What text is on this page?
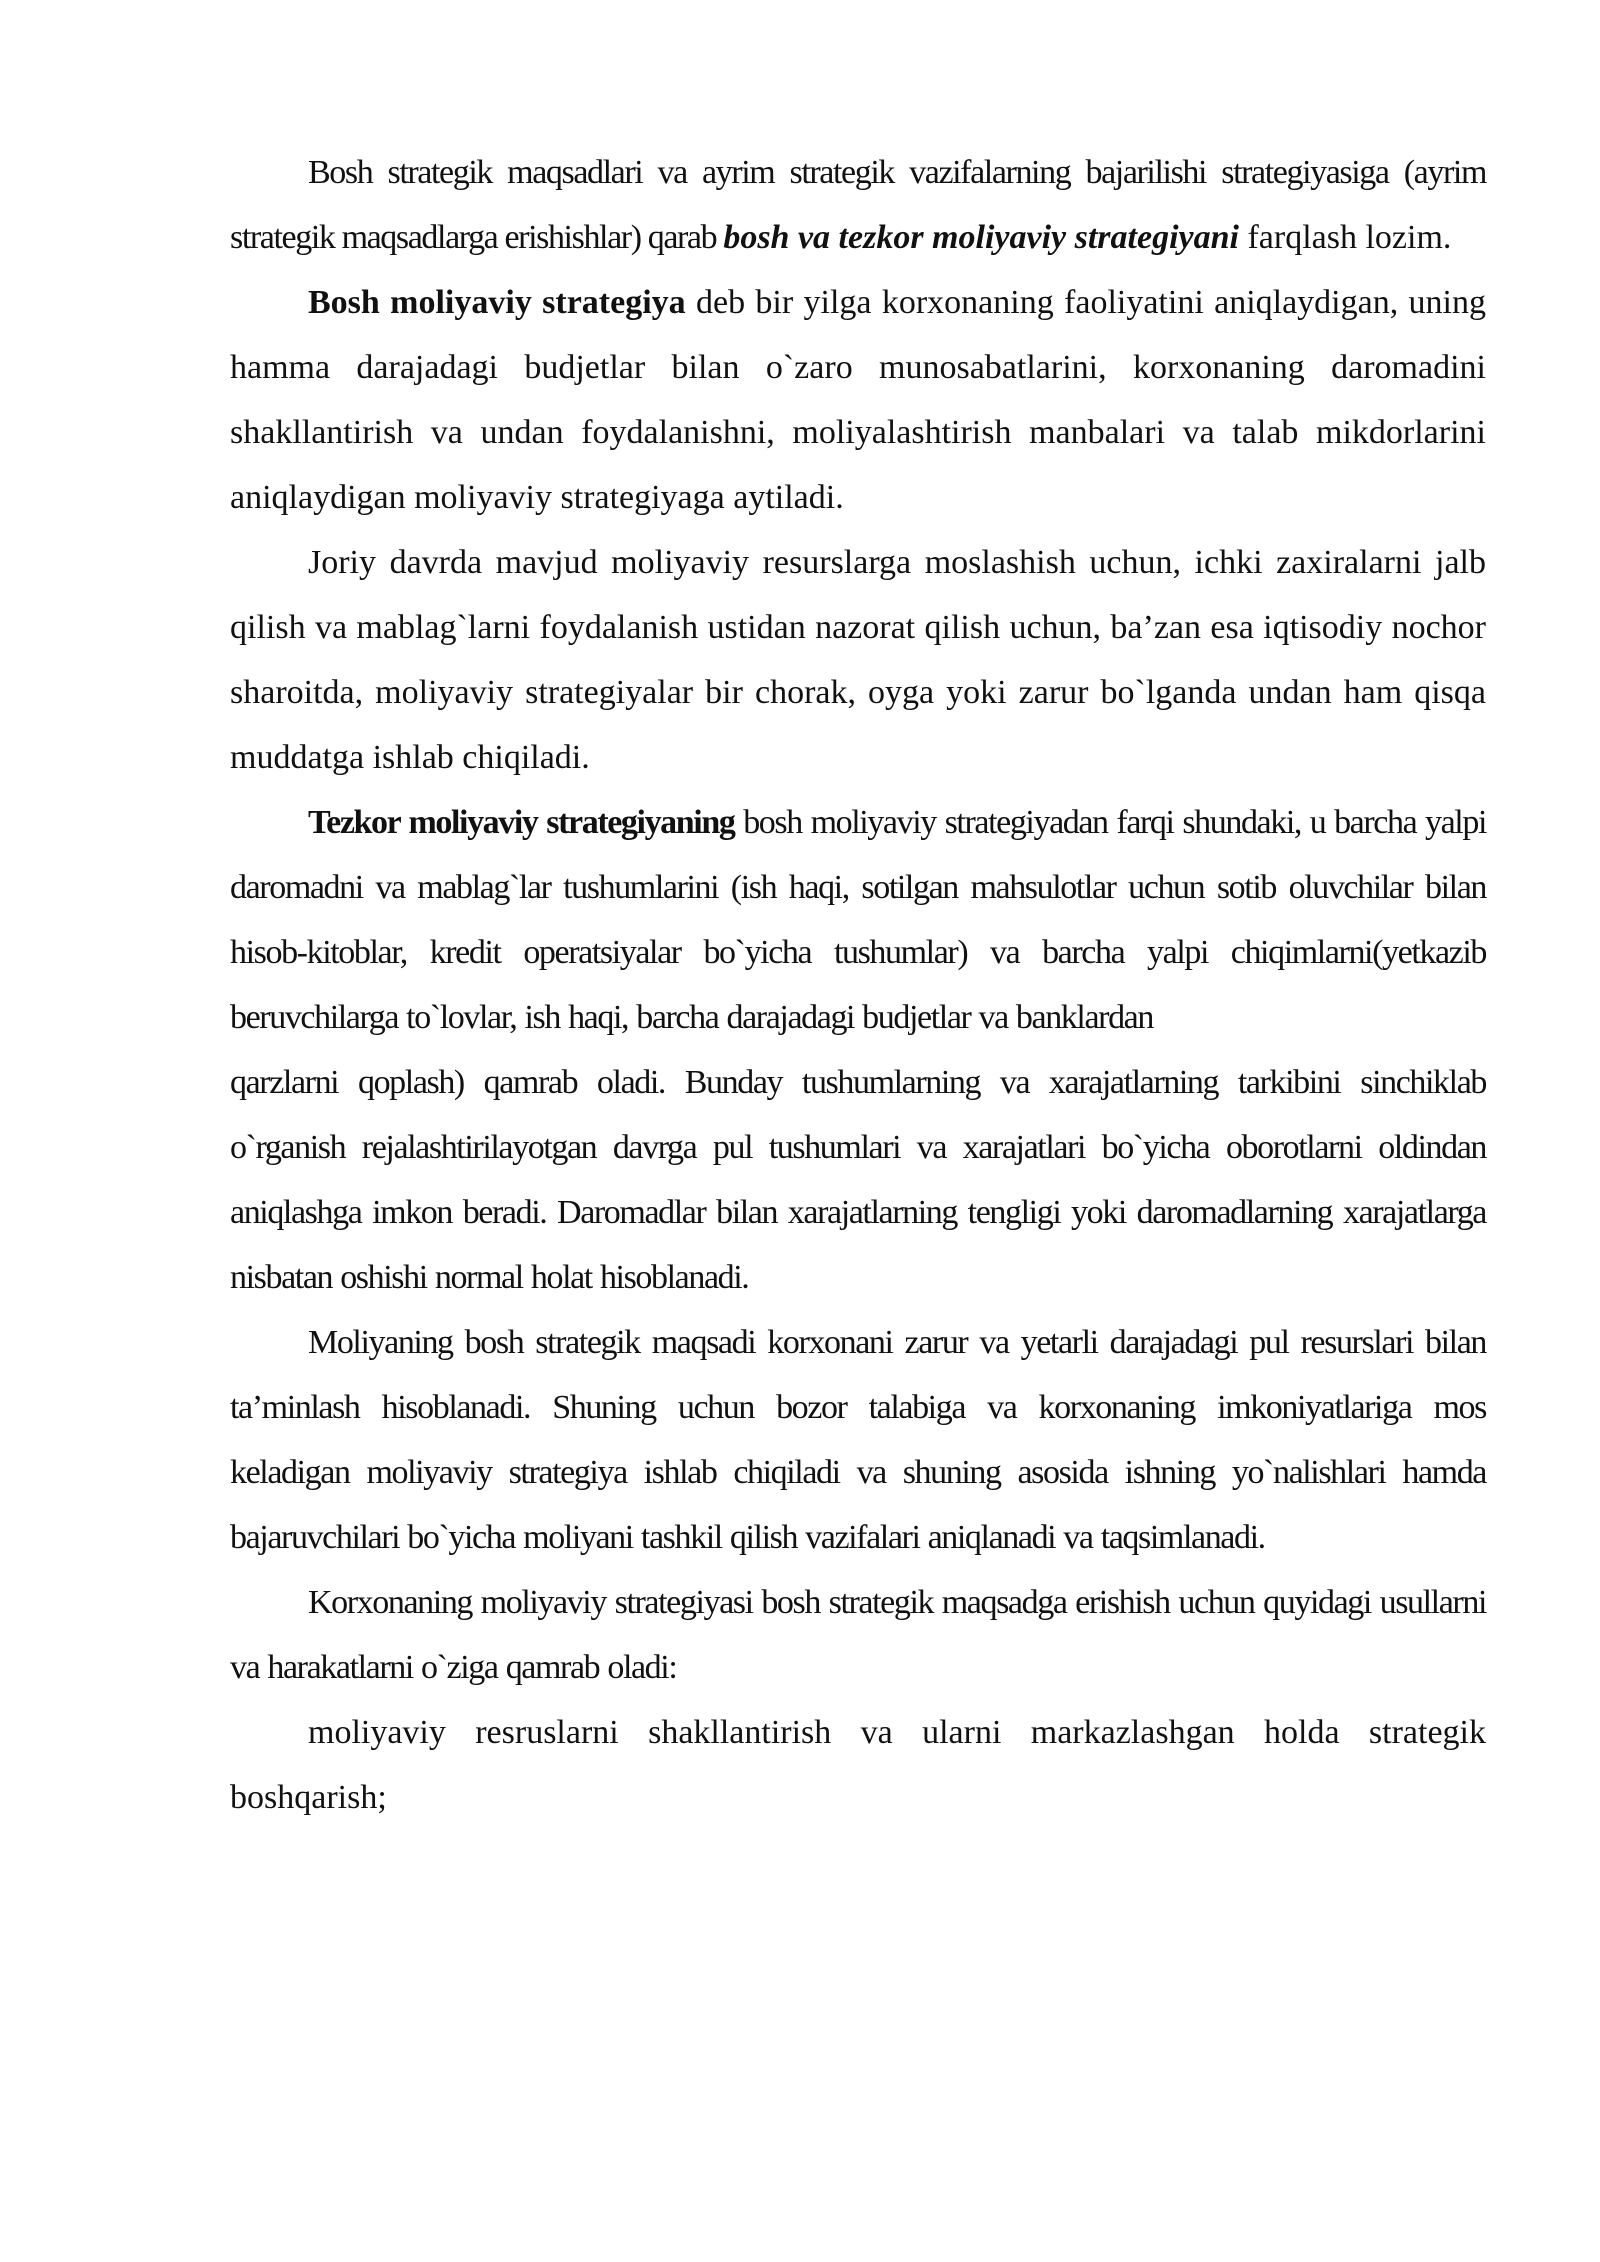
Bosh strategik maqsadlari va ayrim strategik vazifalarning bajarilishi strategiyasiga (ayrim strategik maqsadlarga erishishlar) qarab bosh va tezkor moliyaviy strategiyani farqlash lozim.

Bosh moliyaviy strategiya deb bir yilga korxonaning faoliyatini aniqlaydigan, uning hamma darajadagi budjetlar bilan o`zaro munosabatlarini, korxonaning daromadini shakllantirish va undan foydalanishni, moliyalashtirish manbalari va talab mikdorlarini aniqlaydigan moliyaviy strategiyaga aytiladi.

Joriy davrda mavjud moliyaviy resurslarga moslashish uchun, ichki zaxiralarni jalb qilish va mablag`larni foydalanish ustidan nazorat qilish uchun, ba’zan esa iqtisodiy nochor sharoitda, moliyaviy strategiyalar bir chorak, oyga yoki zarur bo`lganda undan ham qisqa muddatga ishlab chiqiladi.

Tezkor moliyaviy strategiyaning bosh moliyaviy strategiyadan farqi shundaki, u barcha yalpi daromadni va mablag`lar tushumlarini (ish haqi, sotilgan mahsulotlar uchun sotib oluvchilar bilan hisob-kitoblar, kredit operatsiyalar bo`yicha tushumlar) va barcha yalpi chiqimlarni(yetkazib beruvchilarga to`lovlar, ish haqi, barcha darajadagi budjetlar va banklardan

qarzlarni qoplash) qamrab oladi. Bunday tushumlarning va xarajatlarning tarkibini sinchiklab o`rganish rejalashtirilayotgan davrga pul tushumlari va xarajatlari bo`yicha oborotlarni oldindan aniqlashga imkon beradi. Daromadlar bilan xarajatlarning tengligi yoki daromadlarning xarajatlarga nisbatan oshishi normal holat hisoblanadi.

Moliyaning bosh strategik maqsadi korxonani zarur va yetarli darajadagi pul resurslari bilan ta’minlash hisoblanadi. Shuning uchun bozor talabiga va korxonaning imkoniyatlariga mos keladigan moliyaviy strategiya ishlab chiqiladi va shuning asosida ishning yo`nalishlari hamda bajaruvchilari bo`yicha moliyani tashkil qilish vazifalari aniqlanadi va taqsimlanadi.

Korxonaning moliyaviy strategiyasi bosh strategik maqsadga erishish uchun quyidagi usullarni va harakatlarni o`ziga qamrab oladi:

moliyaviy resruslarni shakllantirish va ularni markazlashgan holda strategik boshqarish;
